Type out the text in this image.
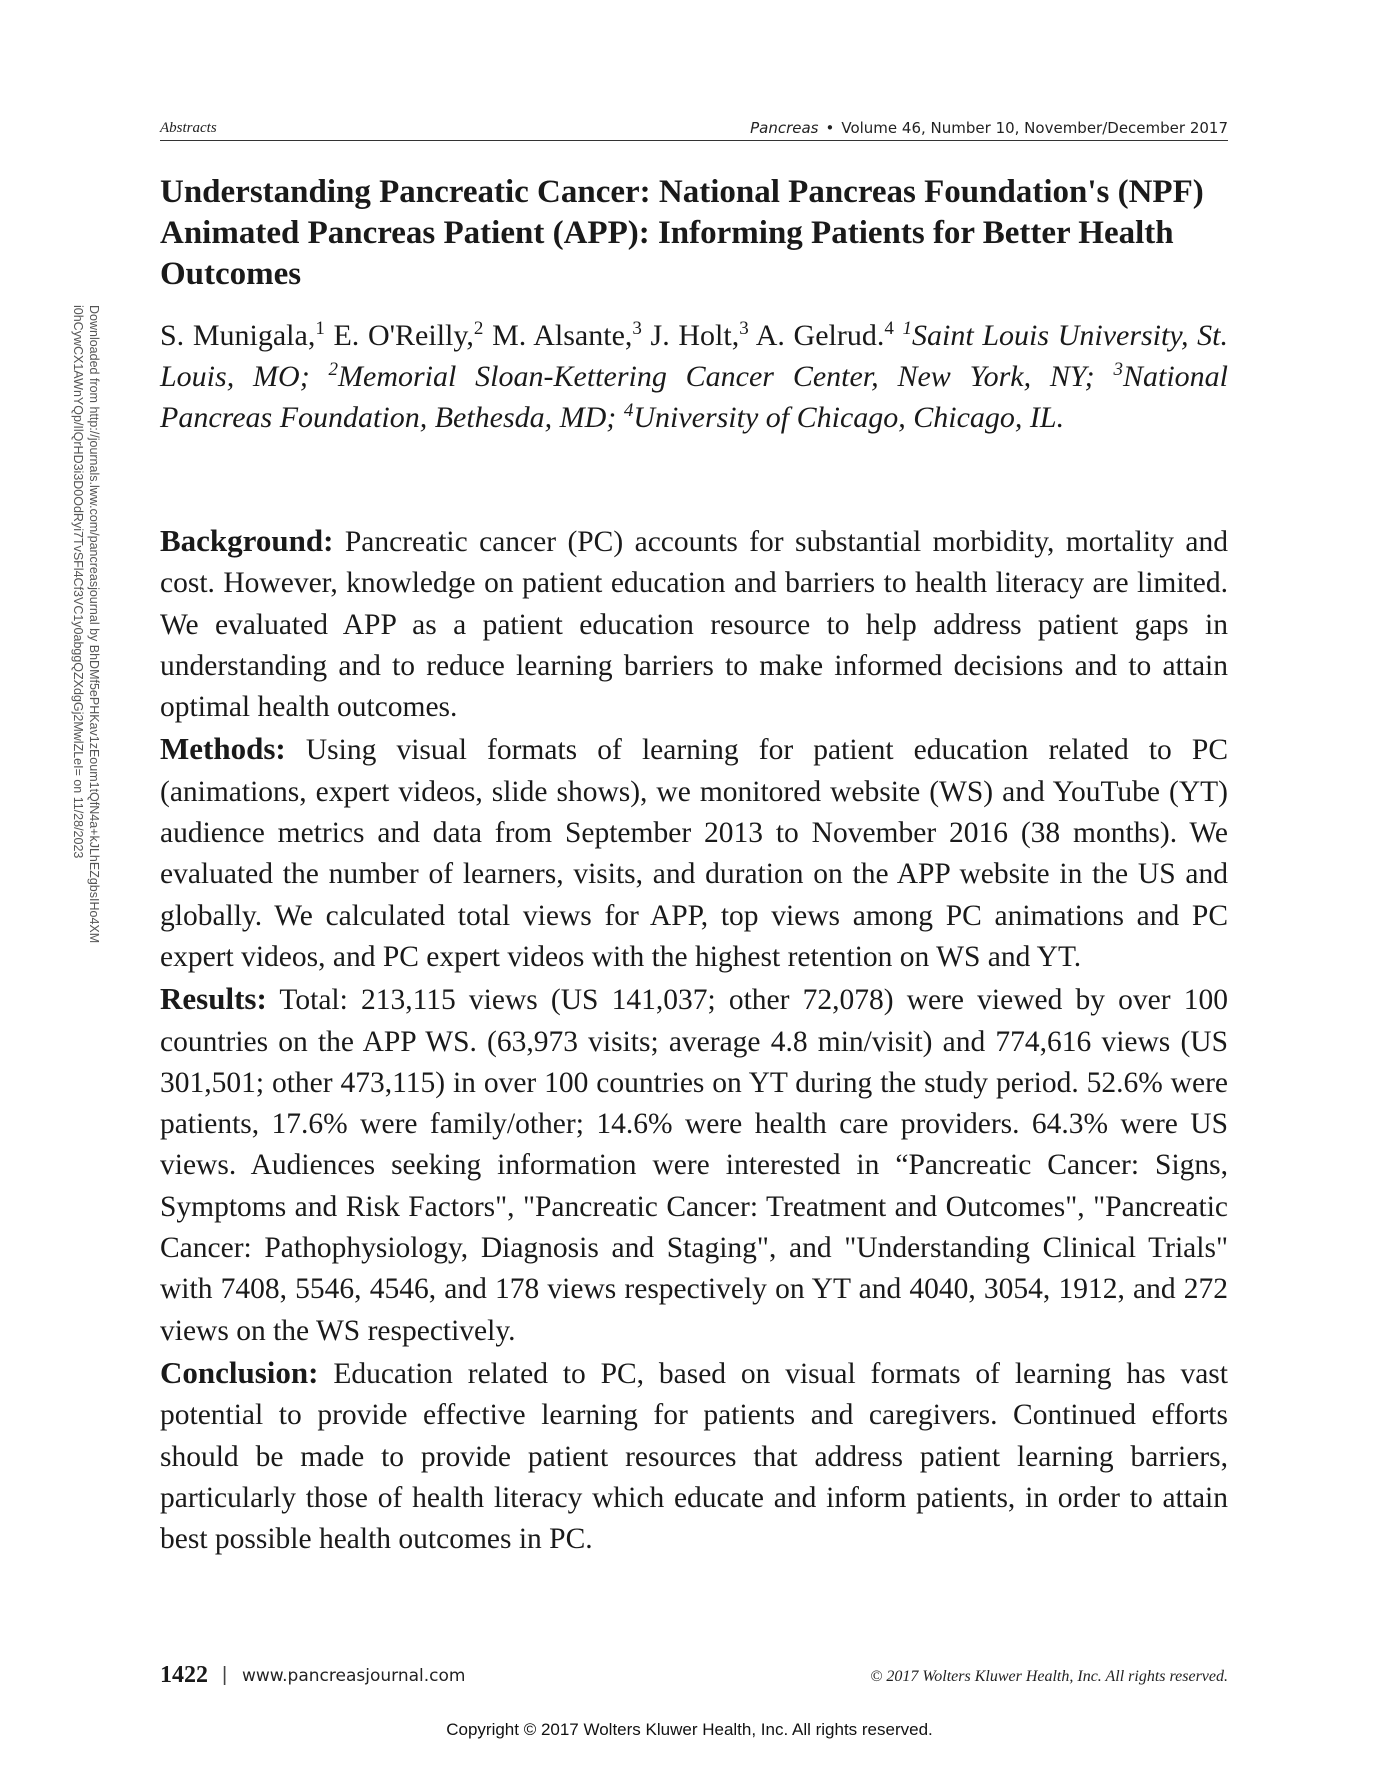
Abstracts	Pancreas • Volume 46, Number 10, November/December 2017
Downloaded from http://journals.lww.com/pancreasjournal by BhDMf5ePHKav1zEoum1tQfN4a+kJLhEZgbsIHo4XM
i0hCywCX1AWnYQp/IlQrHD3i3D0OdRyi7TvSFl4Cf3VC1y0abggQZXdgGj2MwlZLeI= on 11/28/2023
Understanding Pancreatic Cancer: National Pancreas Foundation's (NPF) Animated Pancreas Patient (APP): Informing Patients for Better Health Outcomes

S. Munigala,$^1$ E. O'Reilly,$^2$ M. Alsante,$^3$ J. Holt,$^3$ A. Gelrud.$^4$ $^1$Saint Louis University, St. Louis, MO; $^2$Memorial Sloan-Kettering Cancer Center, New York, NY; $^3$National Pancreas Foundation, Bethesda, MD; $^4$University of Chicago, Chicago, IL.

Background: Pancreatic cancer (PC) accounts for substantial morbidity, mortality and cost. However, knowledge on patient education and barriers to health literacy are limited. We evaluated APP as a patient education resource to help address patient gaps in understanding and to reduce learning barriers to make informed decisions and to attain optimal health outcomes.

Methods: Using visual formats of learning for patient education related to PC (animations, expert videos, slide shows), we monitored website (WS) and YouTube (YT) audience metrics and data from September 2013 to November 2016 (38 months). We evaluated the number of learners, visits, and duration on the APP website in the US and globally. We calculated total views for APP, top views among PC animations and PC expert videos, and PC expert videos with the highest retention on WS and YT.

Results: Total: 213,115 views (US 141,037; other 72,078) were viewed by over 100 countries on the APP WS. (63,973 visits; average 4.8 min/visit) and 774,616 views (US 301,501; other 473,115) in over 100 countries on YT during the study period. 52.6% were patients, 17.6% were family/other; 14.6% were health care providers. 64.3% were US views. Audiences seeking information were interested in “Pancreatic Cancer: Signs, Symptoms and Risk Factors", "Pancreatic Cancer: Treatment and Outcomes", "Pancreatic Cancer: Pathophysiology, Diagnosis and Staging", and "Understanding Clinical Trials" with 7408, 5546, 4546, and 178 views respectively on YT and 4040, 3054, 1912, and 272 views on the WS respectively.

Conclusion: Education related to PC, based on visual formats of learning has vast potential to provide effective learning for patients and caregivers. Continued efforts should be made to provide patient resources that address patient learning barriers, particularly those of health literacy which educate and inform patients, in order to attain best possible health outcomes in PC.

1422 | www.pancreasjournal.com	© 2017 Wolters Kluwer Health, Inc. All rights reserved.
Copyright © 2017 Wolters Kluwer Health, Inc. All rights reserved.
